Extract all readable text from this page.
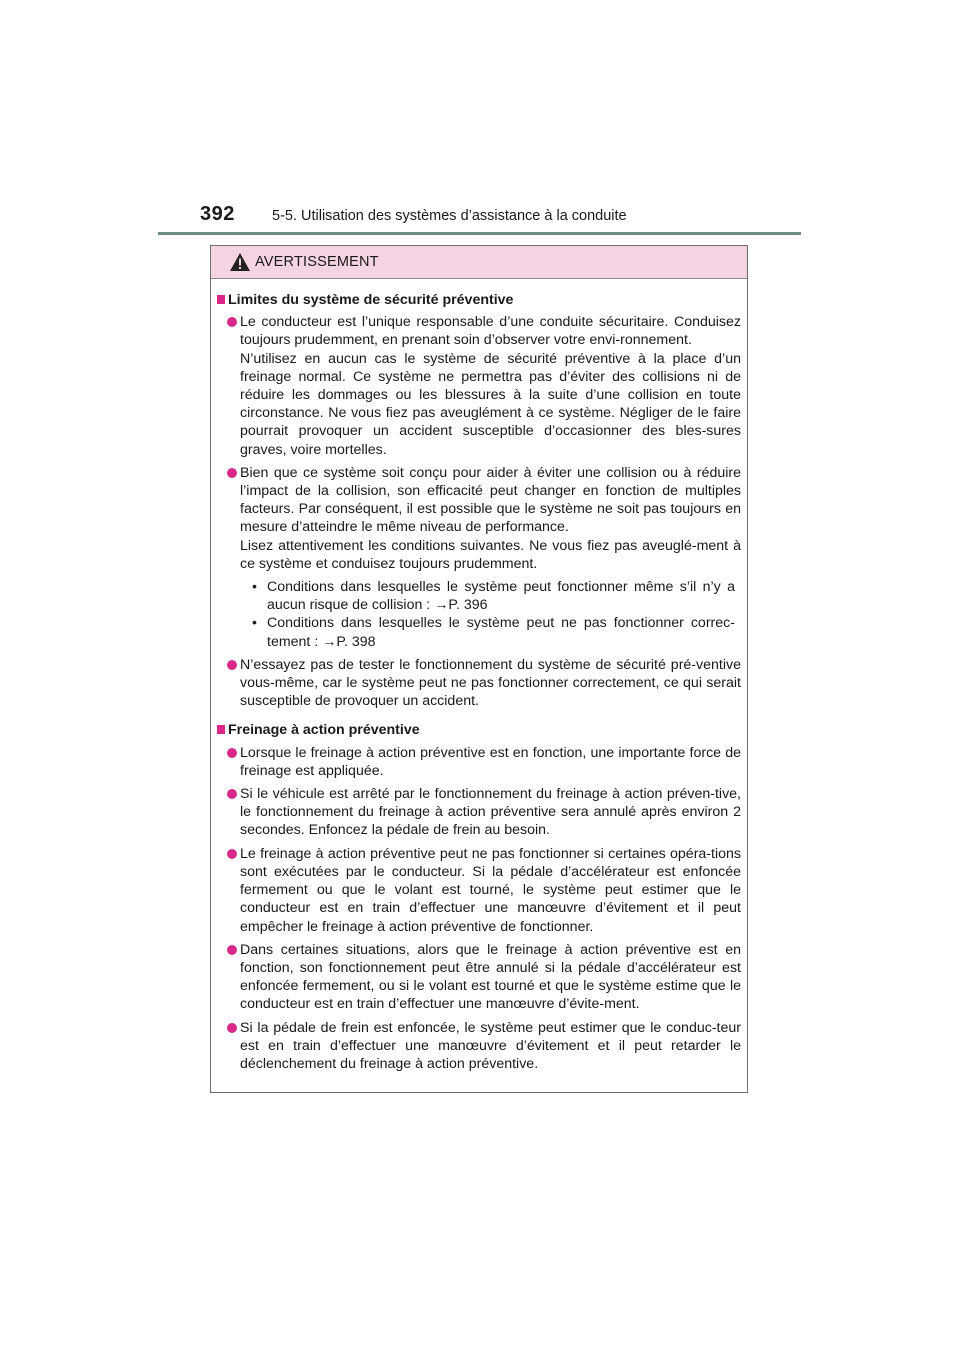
392	5-5. Utilisation des systèmes d’assistance à la conduite
AVERTISSEMENT
Limites du système de sécurité préventive

Le conducteur est l’unique responsable d’une conduite sécuritaire. Conduisez toujours prudemment, en prenant soin d’observer votre envi-ronnement.

N’utilisez en aucun cas le système de sécurité préventive à la place d’un freinage normal. Ce système ne permettra pas d’éviter des collisions ni de réduire les dommages ou les blessures à la suite d’une collision en toute circonstance. Ne vous fiez pas aveuglément à ce système. Négliger de le faire pourrait provoquer un accident susceptible d’occasionner des bles-sures graves, voire mortelles.

Bien que ce système soit conçu pour aider à éviter une collision ou à réduire l’impact de la collision, son efficacité peut changer en fonction de multiples facteurs. Par conséquent, il est possible que le système ne soit pas toujours en mesure d’atteindre le même niveau de performance.

Lisez attentivement les conditions suivantes. Ne vous fiez pas aveuglé-ment à ce système et conduisez toujours prudemment.

• Conditions dans lesquelles le système peut fonctionner même s’il n’y a aucun risque de collision : →P. 396
• Conditions dans lesquelles le système peut ne pas fonctionner correc-tement : →P. 398

N’essayez pas de tester le fonctionnement du système de sécurité pré-ventive vous-même, car le système peut ne pas fonctionner correctement, ce qui serait susceptible de provoquer un accident.

Freinage à action préventive

Lorsque le freinage à action préventive est en fonction, une importante force de freinage est appliquée.

Si le véhicule est arrêté par le fonctionnement du freinage à action préven-tive, le fonctionnement du freinage à action préventive sera annulé après environ 2 secondes. Enfoncez la pédale de frein au besoin.

Le freinage à action préventive peut ne pas fonctionner si certaines opéra-tions sont exécutées par le conducteur. Si la pédale d’accélérateur est enfoncée fermement ou que le volant est tourné, le système peut estimer que le conducteur est en train d’effectuer une manœuvre d’évitement et il peut empêcher le freinage à action préventive de fonctionner.

Dans certaines situations, alors que le freinage à action préventive est en fonction, son fonctionnement peut être annulé si la pédale d’accélérateur est enfoncée fermement, ou si le volant est tourné et que le système estime que le conducteur est en train d’effectuer une manœuvre d’évite-ment.

Si la pédale de frein est enfoncée, le système peut estimer que le conduc-teur est en train d’effectuer une manœuvre d’évitement et il peut retarder le déclenchement du freinage à action préventive.
